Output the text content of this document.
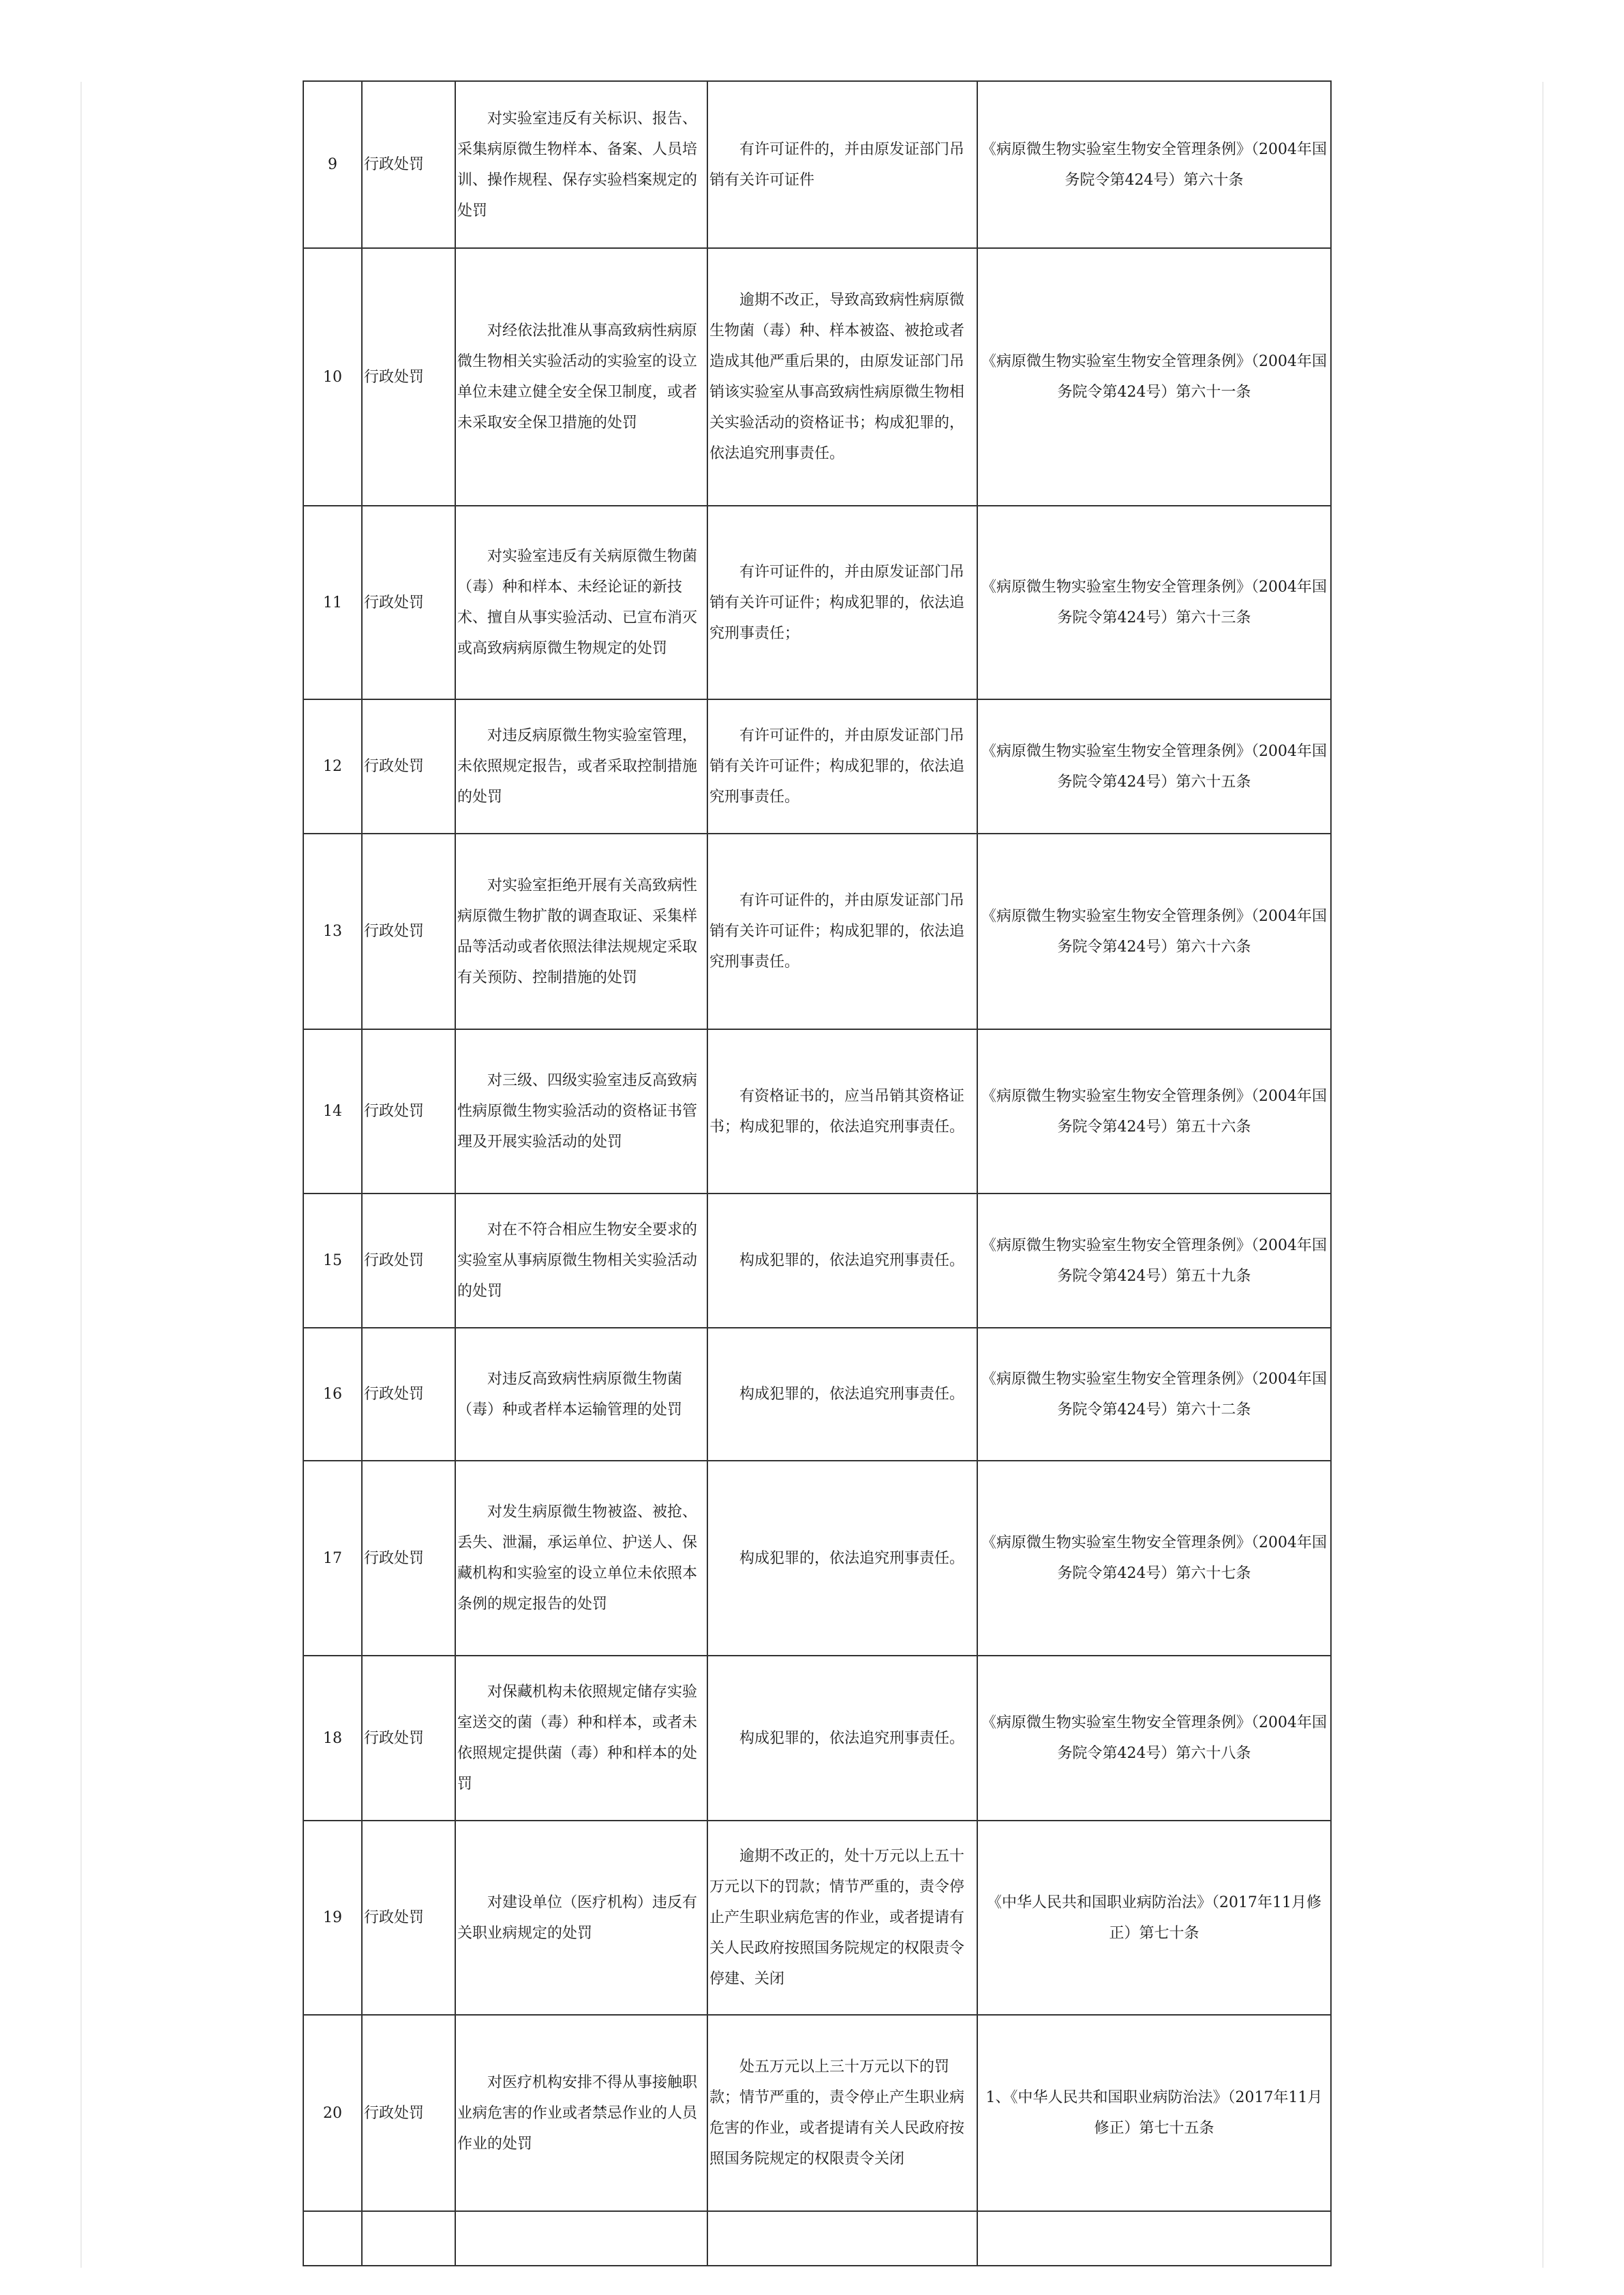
9	行政处罚	对实验室违反有关标识、报告、采集病原微生物样本、备案、人员培训、操作规程、保存实验档案规定的处罚	有许可证件的，并由原发证部门吊销有关许可证件	《病原微生物实验室生物安全管理条例》（2004年国务院令第424号）第六十条
10	行政处罚	对经依法批准从事高致病性病原微生物相关实验活动的实验室的设立单位未建立健全安全保卫制度，或者未采取安全保卫措施的处罚	逾期不改正，导致高致病性病原微生物菌（毒）种、样本被盗、被抢或者造成其他严重后果的，由原发证部门吊销该实验室从事高致病性病原微生物相关实验活动的资格证书；构成犯罪的，依法追究刑事责任。	《病原微生物实验室生物安全管理条例》（2004年国务院令第424号）第六十一条
11	行政处罚	对实验室违反有关病原微生物菌（毒）种和样本、未经论证的新技术、擅自从事实验活动、已宣布消灭或高致病病原微生物规定的处罚	有许可证件的，并由原发证部门吊销有关许可证件；构成犯罪的，依法追究刑事责任；	《病原微生物实验室生物安全管理条例》（2004年国务院令第424号）第六十三条
12	行政处罚	对违反病原微生物实验室管理，未依照规定报告，或者采取控制措施的处罚	有许可证件的，并由原发证部门吊销有关许可证件；构成犯罪的，依法追究刑事责任。	《病原微生物实验室生物安全管理条例》（2004年国务院令第424号）第六十五条
13	行政处罚	对实验室拒绝开展有关高致病性病原微生物扩散的调查取证、采集样品等活动或者依照法律法规规定采取有关预防、控制措施的处罚	有许可证件的，并由原发证部门吊销有关许可证件；构成犯罪的，依法追究刑事责任。	《病原微生物实验室生物安全管理条例》（2004年国务院令第424号）第六十六条
14	行政处罚	对三级、四级实验室违反高致病性病原微生物实验活动的资格证书管理及开展实验活动的处罚	有资格证书的，应当吊销其资格证书；构成犯罪的，依法追究刑事责任。	《病原微生物实验室生物安全管理条例》（2004年国务院令第424号）第五十六条
15	行政处罚	对在不符合相应生物安全要求的实验室从事病原微生物相关实验活动的处罚	构成犯罪的，依法追究刑事责任。	《病原微生物实验室生物安全管理条例》（2004年国务院令第424号）第五十九条
16	行政处罚	对违反高致病性病原微生物菌（毒）种或者样本运输管理的处罚	构成犯罪的，依法追究刑事责任。	《病原微生物实验室生物安全管理条例》（2004年国务院令第424号）第六十二条
17	行政处罚	对发生病原微生物被盗、被抢、丢失、泄漏，承运单位、护送人、保藏机构和实验室的设立单位未依照本条例的规定报告的处罚	构成犯罪的，依法追究刑事责任。	《病原微生物实验室生物安全管理条例》（2004年国务院令第424号）第六十七条
18	行政处罚	对保藏机构未依照规定储存实验室送交的菌（毒）种和样本，或者未依照规定提供菌（毒）种和样本的处罚	构成犯罪的，依法追究刑事责任。	《病原微生物实验室生物安全管理条例》（2004年国务院令第424号）第六十八条
19	行政处罚	对建设单位（医疗机构）违反有关职业病规定的处罚	逾期不改正的，处十万元以上五十万元以下的罚款；情节严重的，责令停止产生职业病危害的作业，或者提请有关人民政府按照国务院规定的权限责令停建、关闭	《中华人民共和国职业病防治法》（2017年11月修正）第七十条
20	行政处罚	对医疗机构安排不得从事接触职业病危害的作业或者禁忌作业的人员作业的处罚	处五万元以上三十万元以下的罚款；情节严重的，责令停止产生职业病危害的作业，或者提请有关人民政府按照国务院规定的权限责令关闭	1、《中华人民共和国职业病防治法》（2017年11月修正）第七十五条
